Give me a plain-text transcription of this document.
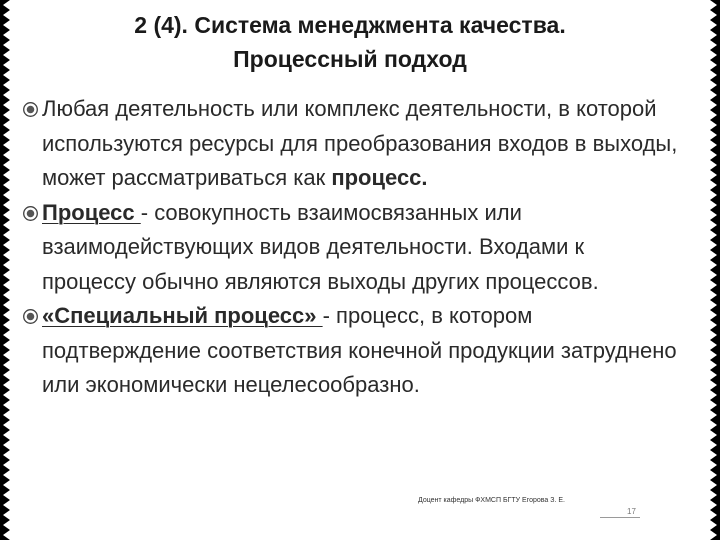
2 (4). Система менеджмента качества.
Процессный подход
Любая деятельность или комплекс деятельности, в которой используются ресурсы для преобразования входов в выходы, может рассматриваться как процесс.
Процесс - совокупность взаимосвязанных или взаимодействующих видов деятельности. Входами к процессу обычно являются выходы других процессов.
«Специальный процесс» - процесс, в котором подтверждение соответствия конечной продукции затруднено или экономически нецелесообразно.
Доцент кафедры ФХМСП БГТУ Егорова З. Е.
17
